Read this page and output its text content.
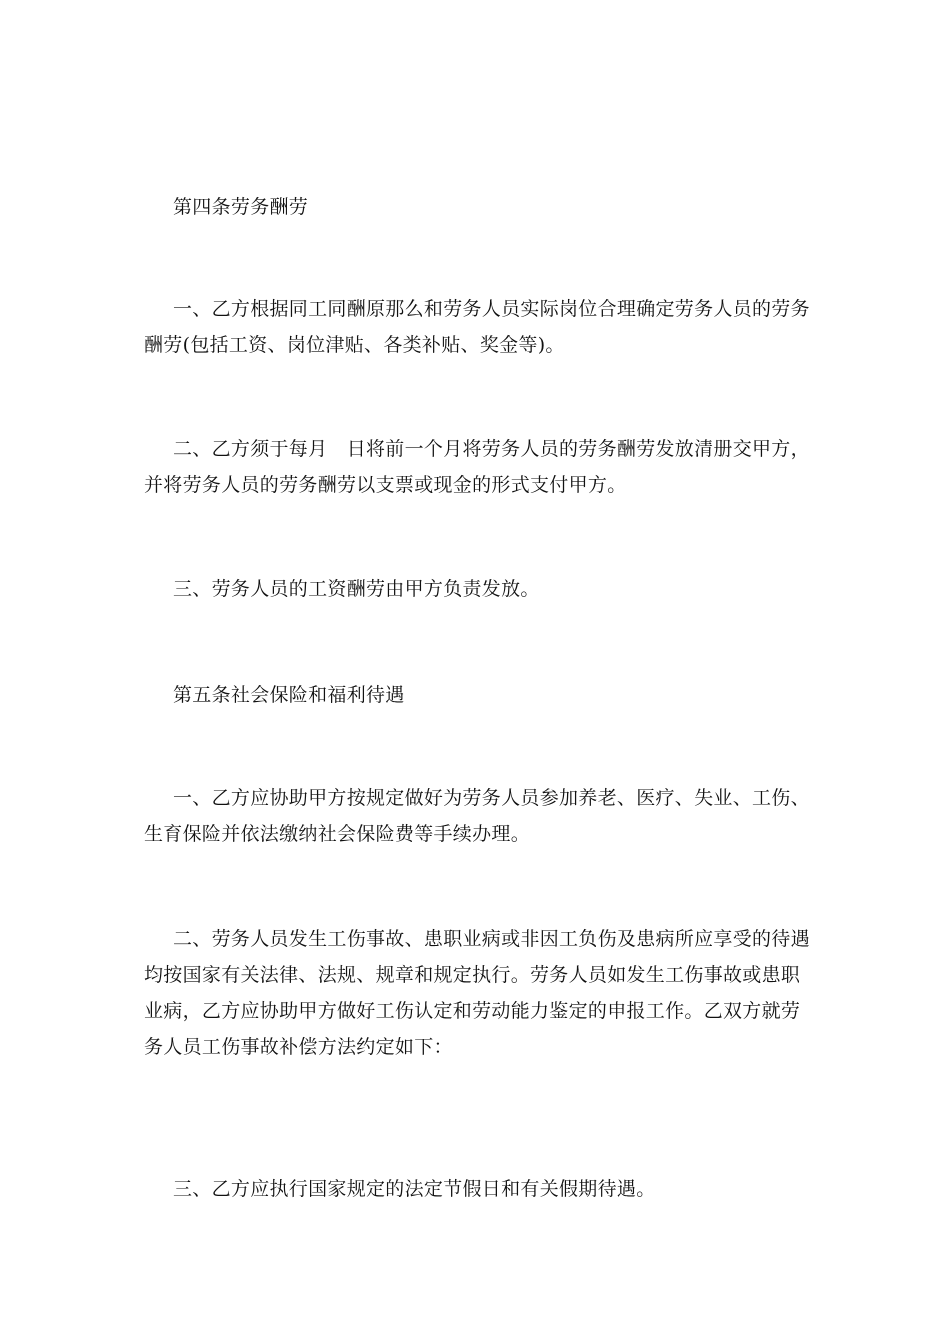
第四条劳务酬劳

一、乙方根据同工同酬原那么和劳务人员实际岗位合理确定劳务人员的劳务
酬劳(包括工资、岗位津贴、各类补贴、奖金等)。

二、乙方须于每月　日将前一个月将劳务人员的劳务酬劳发放清册交甲方，
并将劳务人员的劳务酬劳以支票或现金的形式支付甲方。

三、劳务人员的工资酬劳由甲方负责发放。

第五条社会保险和福利待遇

一、乙方应协助甲方按规定做好为劳务人员参加养老、医疗、失业、工伤、
生育保险并依法缴纳社会保险费等手续办理。

二、劳务人员发生工伤事故、患职业病或非因工负伤及患病所应享受的待遇
均按国家有关法律、法规、规章和规定执行。劳务人员如发生工伤事故或患职
业病，乙方应协助甲方做好工伤认定和劳动能力鉴定的申报工作。乙双方就劳
务人员工伤事故补偿方法约定如下：

三、乙方应执行国家规定的法定节假日和有关假期待遇。
